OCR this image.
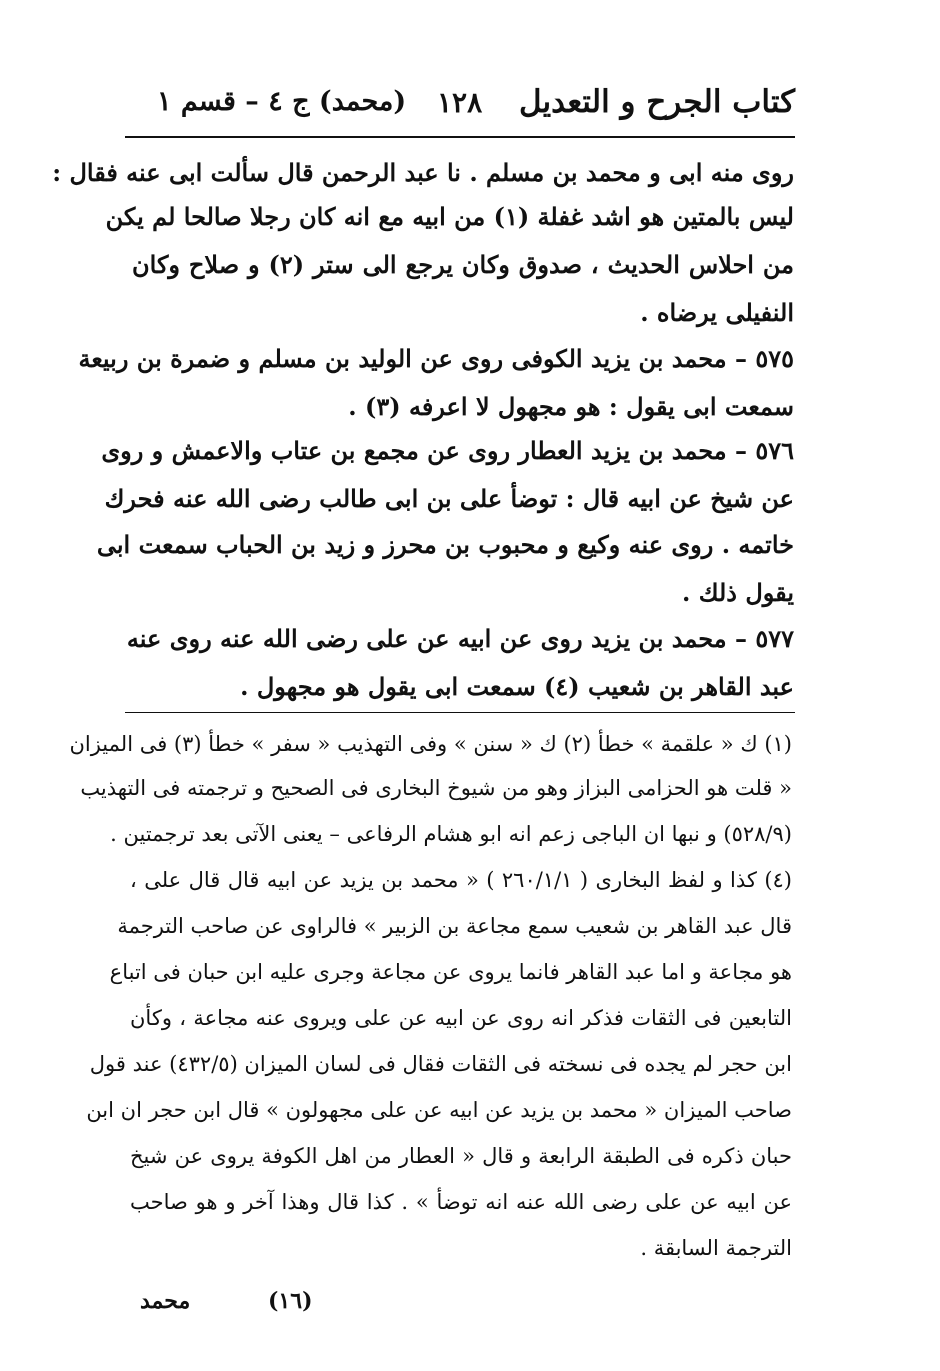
كتاب الجرح و التعديل
١٢٨
(محمد) ج ٤ – قسم ١
روى منه ابى و محمد بن مسلم . نا عبد الرحمن قال سألت ابى عنه فقال :
ليس بالمتين هو اشد غفلة (١) من ابيه مع انه كان رجلا صالحا لم يكن
من احلاس الحديث ، صدوق وكان يرجع الى ستر (٢) و صلاح وكان
النفيلى يرضاه .
٥٧٥ – محمد بن يزيد الكوفى روى عن الوليد بن مسلم و ضمرة بن ربيعة
سمعت ابى يقول : هو مجهول لا اعرفه (٣) .
٥٧٦ – محمد بن يزيد العطار روى عن مجمع بن عتاب والاعمش و روى
عن شيخ عن ابيه قال : توضأ على بن ابى طالب رضى الله عنه فحرك
خاتمه . روى عنه وكيع و محبوب بن محرز و زيد بن الحباب سمعت ابى
يقول ذلك .
٥٧٧ – محمد بن يزيد روى عن ابيه عن على رضى الله عنه روى عنه
عبد القاهر بن شعيب (٤) سمعت ابى يقول هو مجهول .
(١) ك « علقمة » خطأ (٢) ك « سنن » وفى التهذيب « سفر » خطأ (٣) فى الميزان
« قلت هو الحزامى البزاز وهو من شيوخ البخارى فى الصحيح و ترجمته فى التهذيب
(٥٢٨/٩) و نبها ان الباجى زعم انه ابو هشام الرفاعى – يعنى الآتى بعد ترجمتين .
(٤) كذا و لفظ البخارى ( ٢٦٠/١/١ ) « محمد بن يزيد عن ابيه قال قال على ،
قال عبد القاهر بن شعيب سمع مجاعة بن الزبير » فالراوى عن صاحب الترجمة
هو مجاعة و اما عبد القاهر فانما يروى عن مجاعة وجرى عليه ابن حبان فى اتباع
التابعين فى الثقات فذكر انه روى عن ابيه عن على ويروى عنه مجاعة ، وكأن
ابن حجر لم يجده فى نسخته فى الثقات فقال فى لسان الميزان (٤٣٢/٥) عند قول
صاحب الميزان « محمد بن يزيد عن ابيه عن على مجهولون » قال ابن حجر ان ابن
حبان ذكره فى الطبقة الرابعة و قال « العطار من اهل الكوفة يروى عن شيخ
عن ابيه عن على رضى الله عنه انه توضأ » . كذا قال وهذا آخر و هو صاحب
الترجمة السابقة .
محمد	(١٦)
